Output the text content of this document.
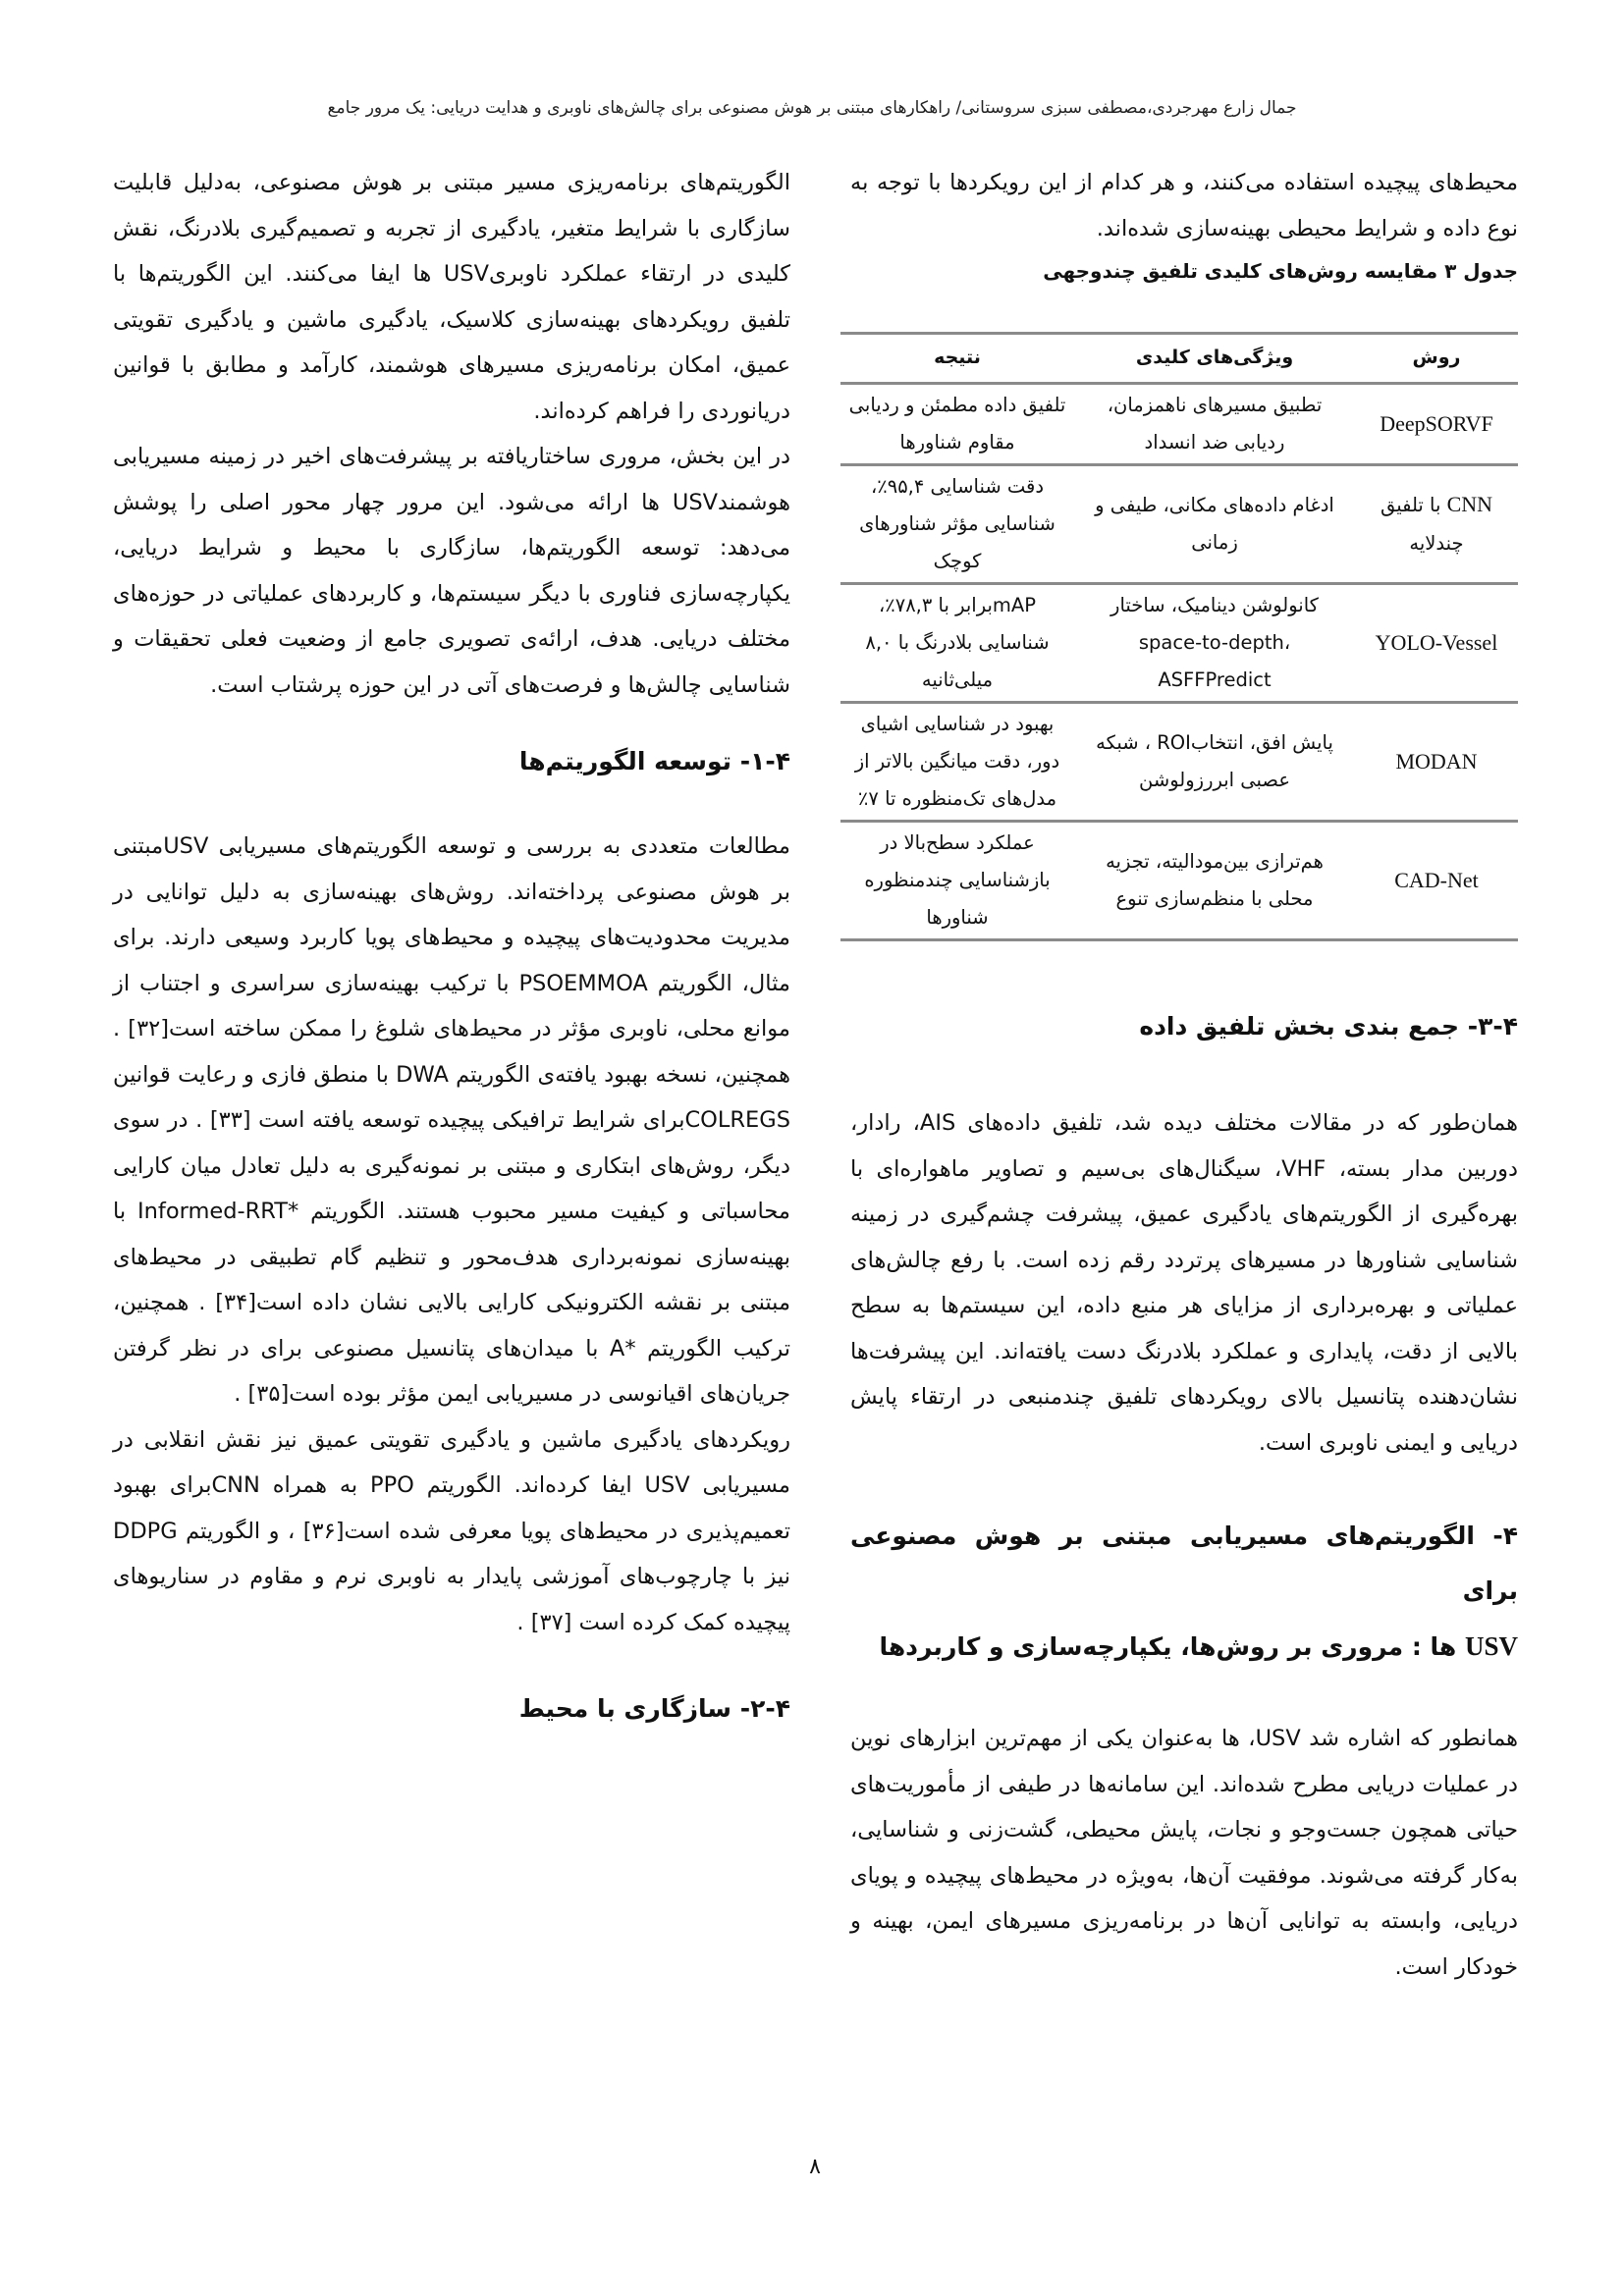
جمال زارع مهرجردی،مصطفی سبزی سروستانی/ راهکارهای مبتنی بر هوش مصنوعی برای چالش‌های ناوبری و هدایت دریایی: یک مرور جامع

محیط‌های پیچیده استفاده می‌کنند، و هر کدام از این رویکردها با توجه به نوع داده و شرایط محیطی بهینه‌سازی شده‌اند.

جدول ۳ مقایسه روش‌های کلیدی تلفیق چندوجهی

روش	ویژگی‌های کلیدی	نتیجه
DeepSORVF	تطبیق مسیرهای ناهمزمان، ردیابی ضد انسداد	تلفیق داده مطمئن و ردیابی مقاوم شناورها
CNN با تلفیق چندلایه	ادغام داده‌های مکانی، طیفی و زمانی	دقت شناسایی ۹۵,۴٪، شناسایی مؤثر شناورهای کوچک
YOLO-Vessel	کانولوشن دینامیک، ساختار space-to-depth، ASFFPredict	mAPبرابر با ۷۸,۳٪، شناسایی بلادرنگ با ۸,۰ میلی‌ثانیه
MODAN	پایش افق، انتخابROI ، شبکه عصبی ابررزولوشن	بهبود در شناسایی اشیای دور، دقت میانگین بالاتر از مدل‌های تک‌منظوره تا ۷٪
CAD-Net	هم‌ترازی بین‌مودالیته، تجزیه محلی با منظم‌سازی تنوع	عملکرد سطح‌بالا در بازشناسایی چندمنظوره شناورها

۳-۴- جمع بندی بخش تلفیق داده

همان‌طور که در مقالات مختلف دیده شد، تلفیق داده‌های AIS، رادار، دوربین مدار بسته، VHF، سیگنال‌های بی‌سیم و تصاویر ماهواره‌ای با بهره‌گیری از الگوریتم‌های یادگیری عمیق، پیشرفت چشم‌گیری در زمینه شناسایی شناورها در مسیرهای پرتردد رقم زده است. با رفع چالش‌های عملیاتی و بهره‌برداری از مزایای هر منبع داده، این سیستم‌ها به سطح بالایی از دقت، پایداری و عملکرد بلادرنگ دست یافته‌اند. این پیشرفت‌ها نشان‌دهنده پتانسیل بالای رویکردهای تلفیق چندمنبعی در ارتقاء پایش دریایی و ایمنی ناوبری است.

۴- الگوریتم‌های مسیریابی مبتنی بر هوش مصنوعی برای
USV ها : مروری بر روش‌ها، یکپارچه‌سازی و کاربردها

همانطور که اشاره شد USV، ها به‌عنوان یکی از مهم‌ترین ابزارهای نوین در عملیات دریایی مطرح شده‌اند. این سامانه‌ها در طیفی از مأموریت‌های حیاتی همچون جست‌وجو و نجات، پایش محیطی، گشت‌زنی و شناسایی، به‌کار گرفته می‌شوند. موفقیت آن‌ها، به‌ویژه در محیط‌های پیچیده و پویای دریایی، وابسته به توانایی آن‌ها در برنامه‌ریزی مسیرهای ایمن، بهینه و خودکار است.

الگوریتم‌های برنامه‌ریزی مسیر مبتنی بر هوش مصنوعی، به‌دلیل قابلیت سازگاری با شرایط متغیر، یادگیری از تجربه و تصمیم‌گیری بلادرنگ، نقش کلیدی در ارتقاء عملکرد ناوبریUSV ها ایفا می‌کنند. این الگوریتم‌ها با تلفیق رویکردهای بهینه‌سازی کلاسیک، یادگیری ماشین و یادگیری تقویتی عمیق، امکان برنامه‌ریزی مسیرهای هوشمند، کارآمد و مطابق با قوانین دریانوردی را فراهم کرده‌اند.

در این بخش، مروری ساختاریافته بر پیشرفت‌های اخیر در زمینه مسیریابی هوشمندUSV ها ارائه می‌شود. این مرور چهار محور اصلی را پوشش می‌دهد: توسعه الگوریتم‌ها، سازگاری با محیط و شرایط دریایی، یکپارچه‌سازی فناوری با دیگر سیستم‌ها، و کاربردهای عملیاتی در حوزه‌های مختلف دریایی. هدف، ارائه‌ی تصویری جامع از وضعیت فعلی تحقیقات و شناسایی چالش‌ها و فرصت‌های آتی در این حوزه پرشتاب است.

۱-۴- توسعه الگوریتم‌ها

مطالعات متعددی به بررسی و توسعه الگوریتم‌های مسیریابی USVمبتنی بر هوش مصنوعی پرداخته‌اند. روش‌های بهینه‌سازی به دلیل توانایی در مدیریت محدودیت‌های پیچیده و محیط‌های پویا کاربرد وسیعی دارند. برای مثال، الگوریتم PSOEMMOA با ترکیب بهینه‌سازی سراسری و اجتناب از موانع محلی، ناوبری مؤثر در محیط‌های شلوغ را ممکن ساخته است[۳۲] . همچنین، نسخه بهبود یافته‌ی الگوریتم DWA با منطق فازی و رعایت قوانین COLREGSبرای شرایط ترافیکی پیچیده توسعه یافته است [۳۳] . در سوی دیگر، روش‌های ابتکاری و مبتنی بر نمونه‌گیری به دلیل تعادل میان کارایی محاسباتی و کیفیت مسیر محبوب هستند. الگوریتم *Informed-RRT با بهینه‌سازی نمونه‌برداری هدف‌محور و تنظیم گام تطبیقی در محیط‌های مبتنی بر نقشه الکترونیکی کارایی بالایی نشان داده است[۳۴] . همچنین، ترکیب الگوریتم *A با میدان‌های پتانسیل مصنوعی برای در نظر گرفتن جریان‌های اقیانوسی در مسیریابی ایمن مؤثر بوده است[۳۵] .

رویکردهای یادگیری ماشین و یادگیری تقویتی عمیق نیز نقش انقلابی در مسیریابی USV ایفا کرده‌اند. الگوریتم PPO به همراه CNNبرای بهبود تعمیم‌پذیری در محیط‌های پویا معرفی شده است[۳۶] ، و الگوریتم DDPG نیز با چارچوب‌های آموزشی پایدار به ناوبری نرم و مقاوم در سناریوهای پیچیده کمک کرده است [۳۷] .

۲-۴- سازگاری با محیط

۸
